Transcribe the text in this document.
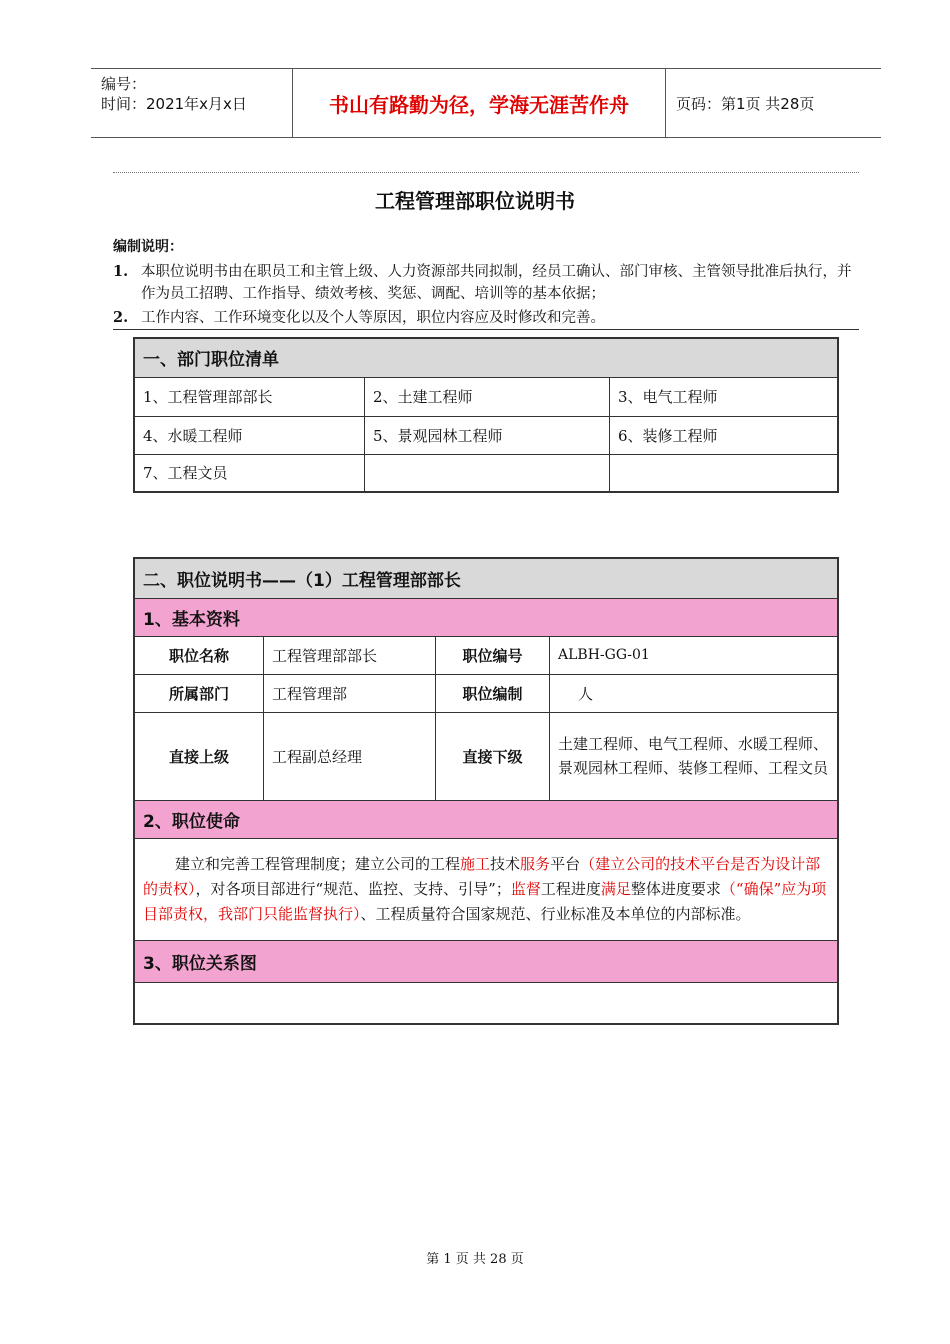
编号：
时间：2021年x月x日	书山有路勤为径，学海无涯苦作舟	页码：第1页 共28页
工程管理部职位说明书
编制说明：
1. 本职位说明书由在职员工和主管上级、人力资源部共同拟制，经员工确认、部门审核、主管领导批准后执行，并作为员工招聘、工作指导、绩效考核、奖惩、调配、培训等的基本依据；
2. 工作内容、工作环境变化以及个人等原因，职位内容应及时修改和完善。
一、部门职位清单		
1、工程管理部部长	2、土建工程师	3、电气工程师
4、水暖工程师	5、景观园林工程师	6、装修工程师
7、工程文员		
二、职位说明书——（1）工程管理部部长			
1、基本资料			
职位名称	工程管理部部长	职位编号	ALBH-GG-01
所属部门	工程管理部	职位编制	人
直接上级	工程副总经理	直接下级	土建工程师、电气工程师、水暖工程师、景观园林工程师、装修工程师、工程文员
2、职位使命			
建立和完善工程管理制度；建立公司的工程施工技术服务平台（建立公司的技术平台是否为设计部的责权），对各项目部进行“规范、监控、支持、引导”；监督工程进度满足整体进度要求（“确保”应为项目部责权，我部门只能监督执行）、工程质量符合国家规范、行业标准及本单位的内部标准。			
3、职位关系图			

第 1 页 共 28 页
